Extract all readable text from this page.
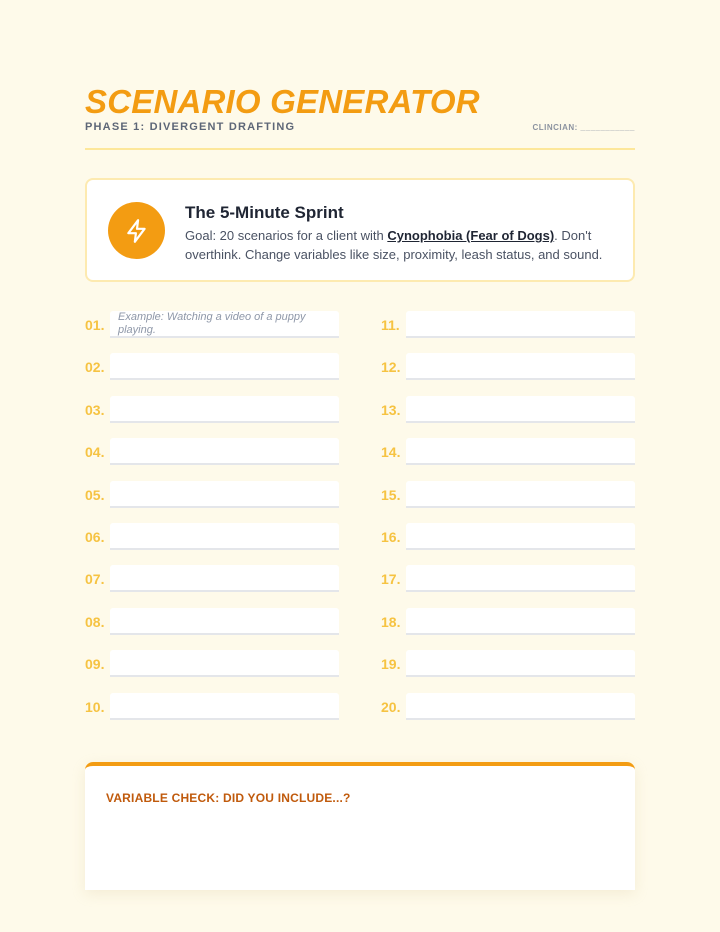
SCENARIO GENERATOR
PHASE 1: DIVERGENT DRAFTING	CLINCIAN: ___________
The 5-Minute Sprint
Goal: 20 scenarios for a client with Cynophobia (Fear of Dogs). Don't overthink. Change variables like size, proximity, leash status, and sound.
01.
Example: Watching a video of a puppy playing.
02.
03.
04.
05.
06.
07.
08.
09.
10.
11.
12.
13.
14.
15.
16.
17.
18.
19.
20.
VARIABLE CHECK: DID YOU INCLUDE...?
